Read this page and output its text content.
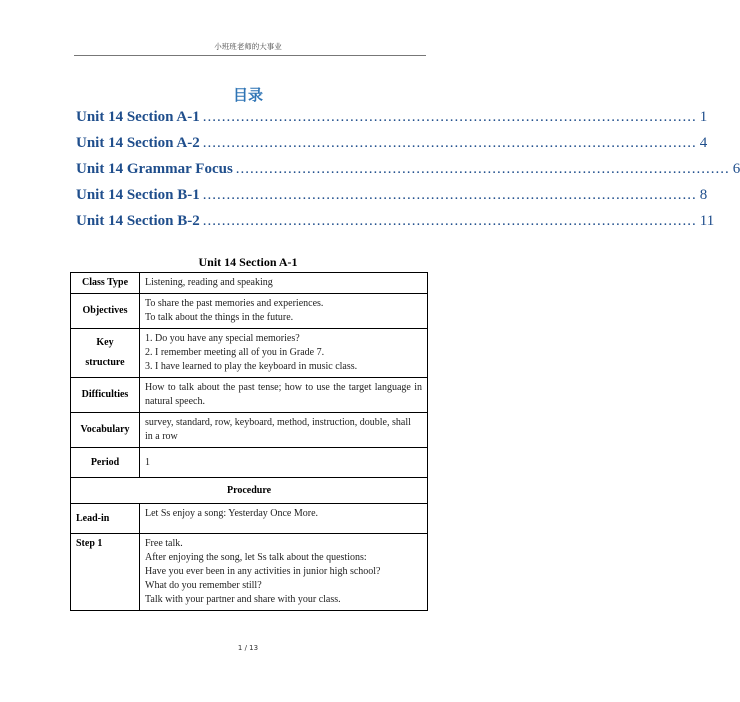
小班班老师的大事业
目录
Unit 14 Section A-1 ........................................................................................................ 1
Unit 14 Section A-2 ........................................................................................................ 4
Unit 14 Grammar Focus ........................................................................................................ 6
Unit 14 Section B-1 ........................................................................................................ 8
Unit 14 Section B-2 ........................................................................................................ 11
Unit 14 Section A-1
Class Type	Listening, reading and speaking
Objectives	To share the past memories and experiences.
To talk about the things in the future.

Key
structure	1. Do you have any special memories?
2. I remember meeting all of you in Grade 7.
3. I have learned to play the keyboard in music class.

Difficulties	How to talk about the past tense; how to use the target language in natural speech.
Vocabulary	survey, standard, row, keyboard, method, instruction, double, shall
in a row

Period	1
Procedure	
Lead-in	Let Ss enjoy a song: Yesterday Once More.
Step 1	Free talk.
After enjoying the song, let Ss talk about the questions:
Have you ever been in any activities in junior high school?
What do you remember still?
Talk with your partner and share with your class.
1 / 13
